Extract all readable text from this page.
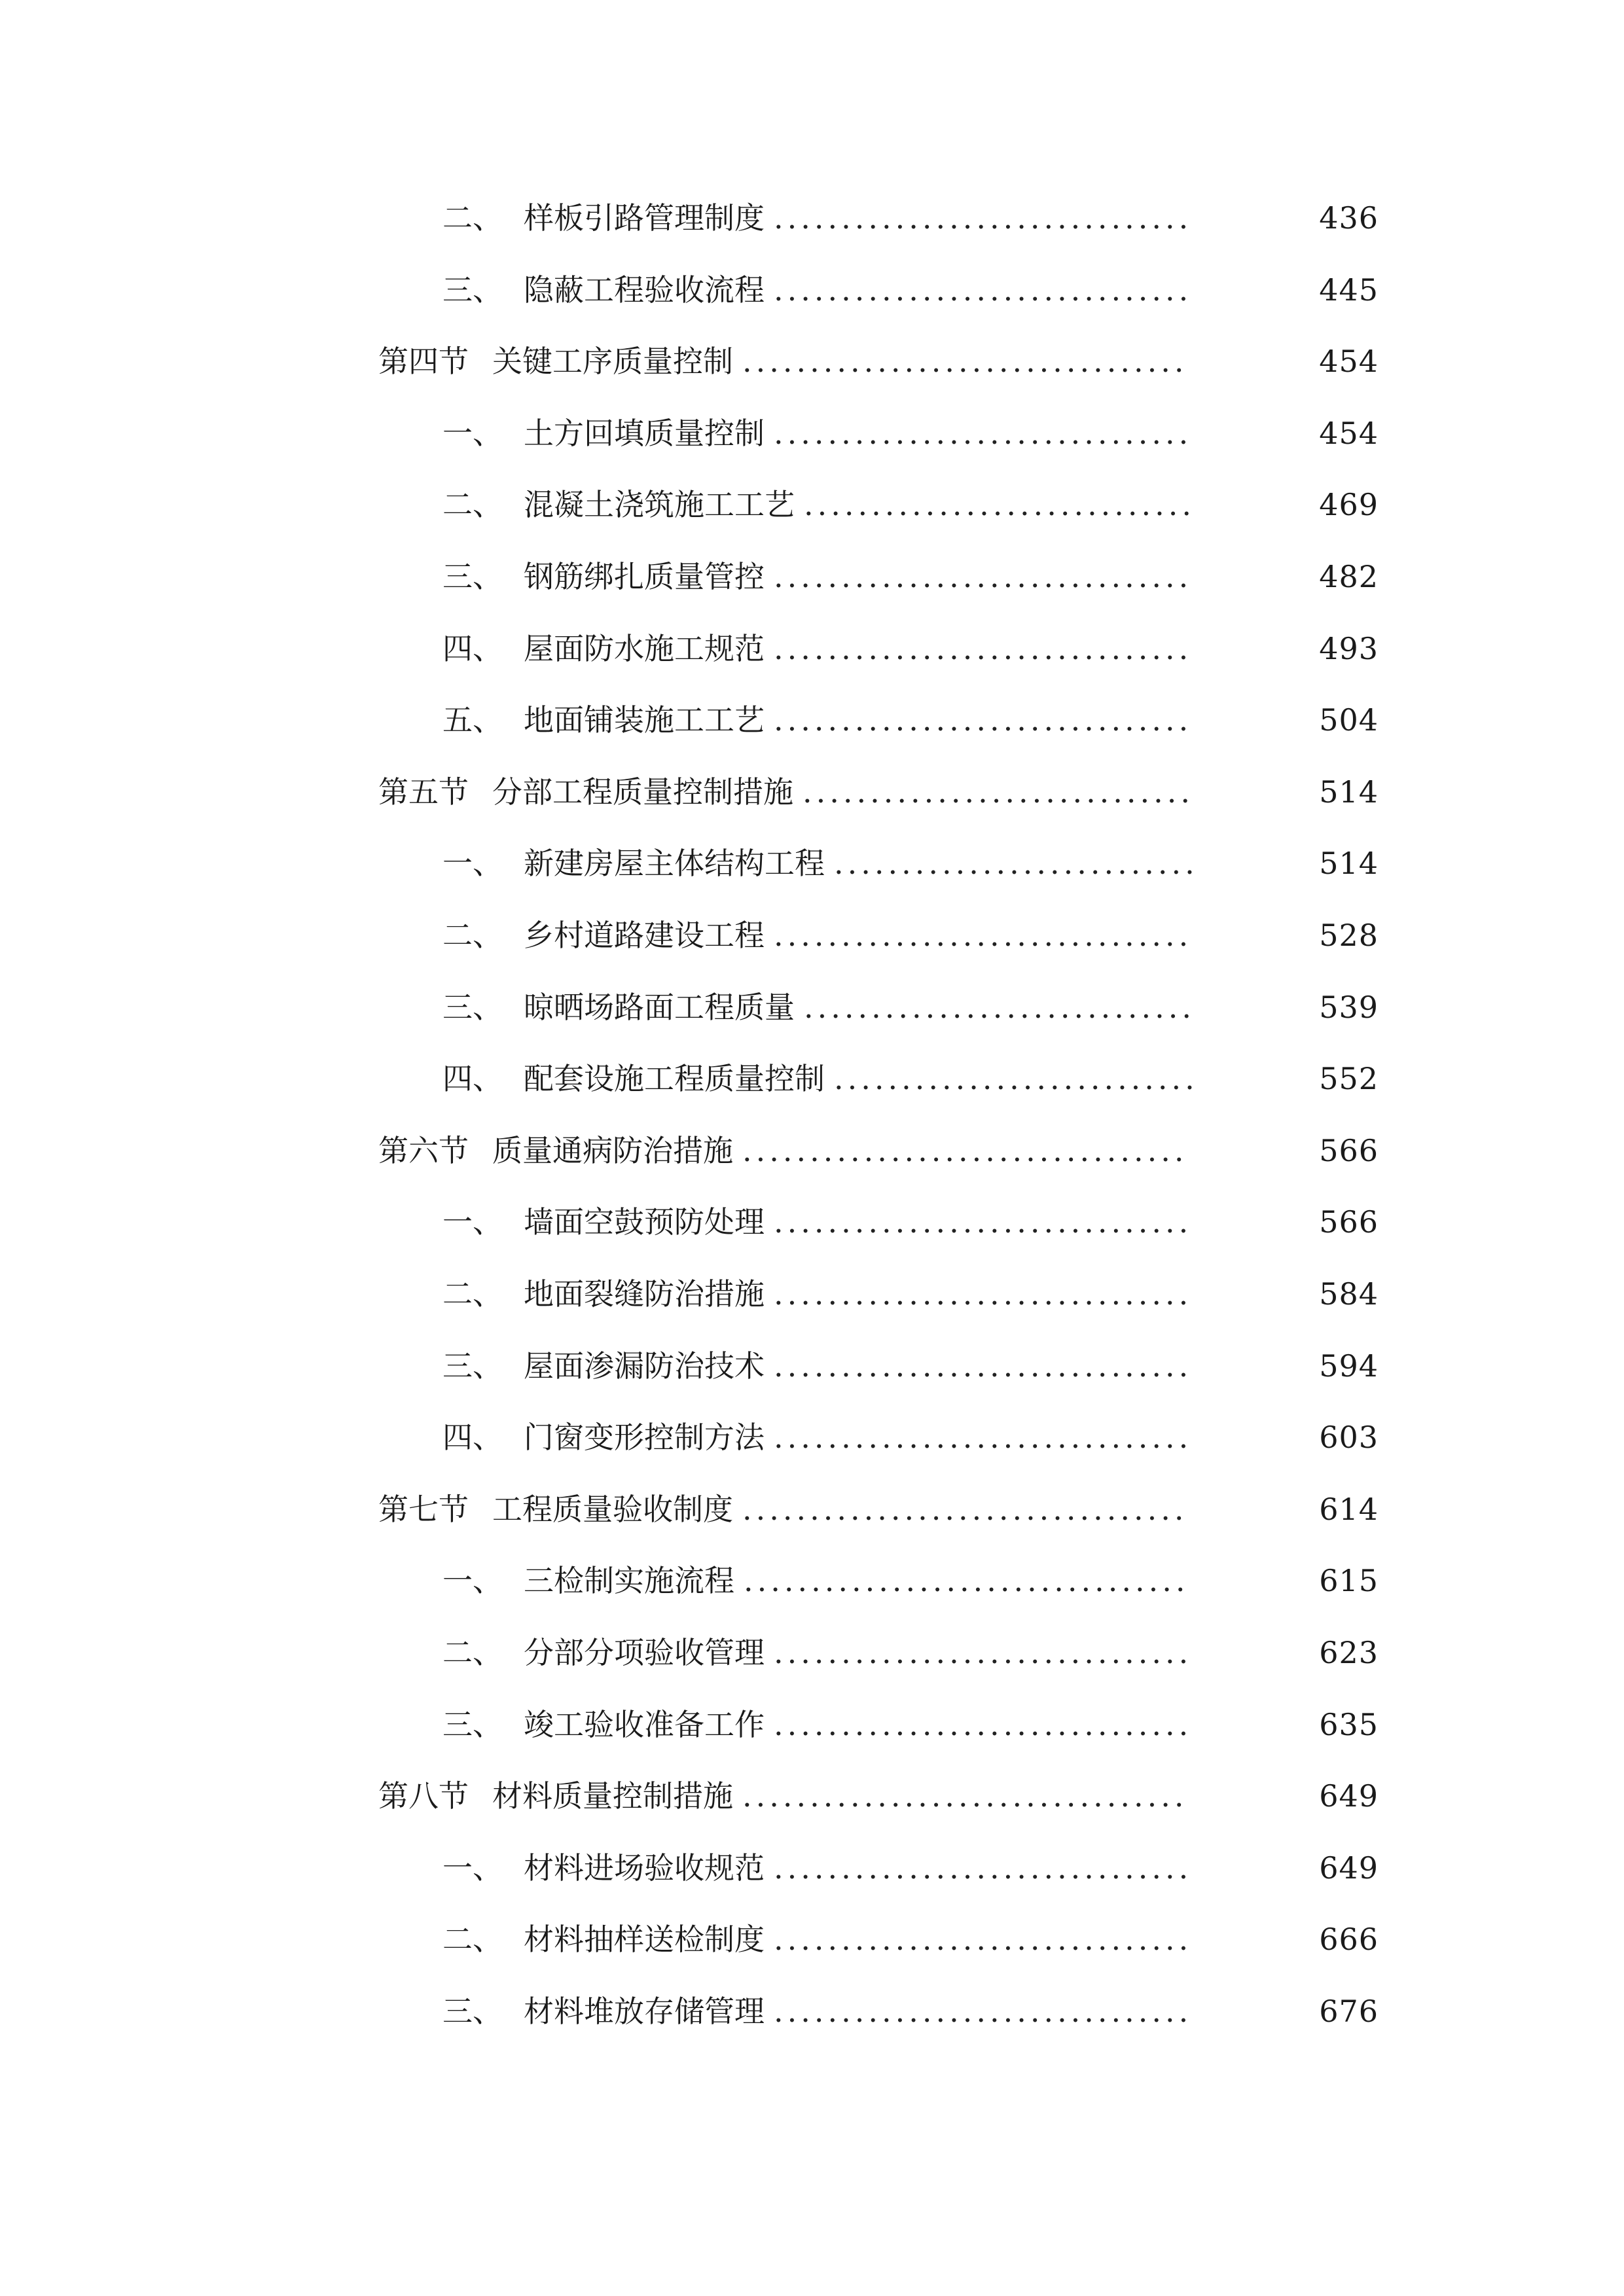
二、 样板引路管理制度 ...............................	436
三、 隐蔽工程验收流程 ...............................	445
第四节 关键工序质量控制 .................................	454
一、 土方回填质量控制 ...............................	454
二、 混凝土浇筑施工工艺 .............................	469
三、 钢筋绑扎质量管控 ...............................	482
四、 屋面防水施工规范 ...............................	493
五、 地面铺装施工工艺 ...............................	504
第五节 分部工程质量控制措施 .............................	514
一、 新建房屋主体结构工程 ...........................	514
二、 乡村道路建设工程 ...............................	528
三、 晾晒场路面工程质量 .............................	539
四、 配套设施工程质量控制 ...........................	552
第六节 质量通病防治措施 .................................	566
一、 墙面空鼓预防处理 ...............................	566
二、 地面裂缝防治措施 ...............................	584
三、 屋面渗漏防治技术 ...............................	594
四、 门窗变形控制方法 ...............................	603
第七节 工程质量验收制度 .................................	614
一、 三检制实施流程 .................................	615
二、 分部分项验收管理 ...............................	623
三、 竣工验收准备工作 ...............................	635
第八节 材料质量控制措施 .................................	649
一、 材料进场验收规范 ...............................	649
二、 材料抽样送检制度 ...............................	666
三、 材料堆放存储管理 ...............................	676
